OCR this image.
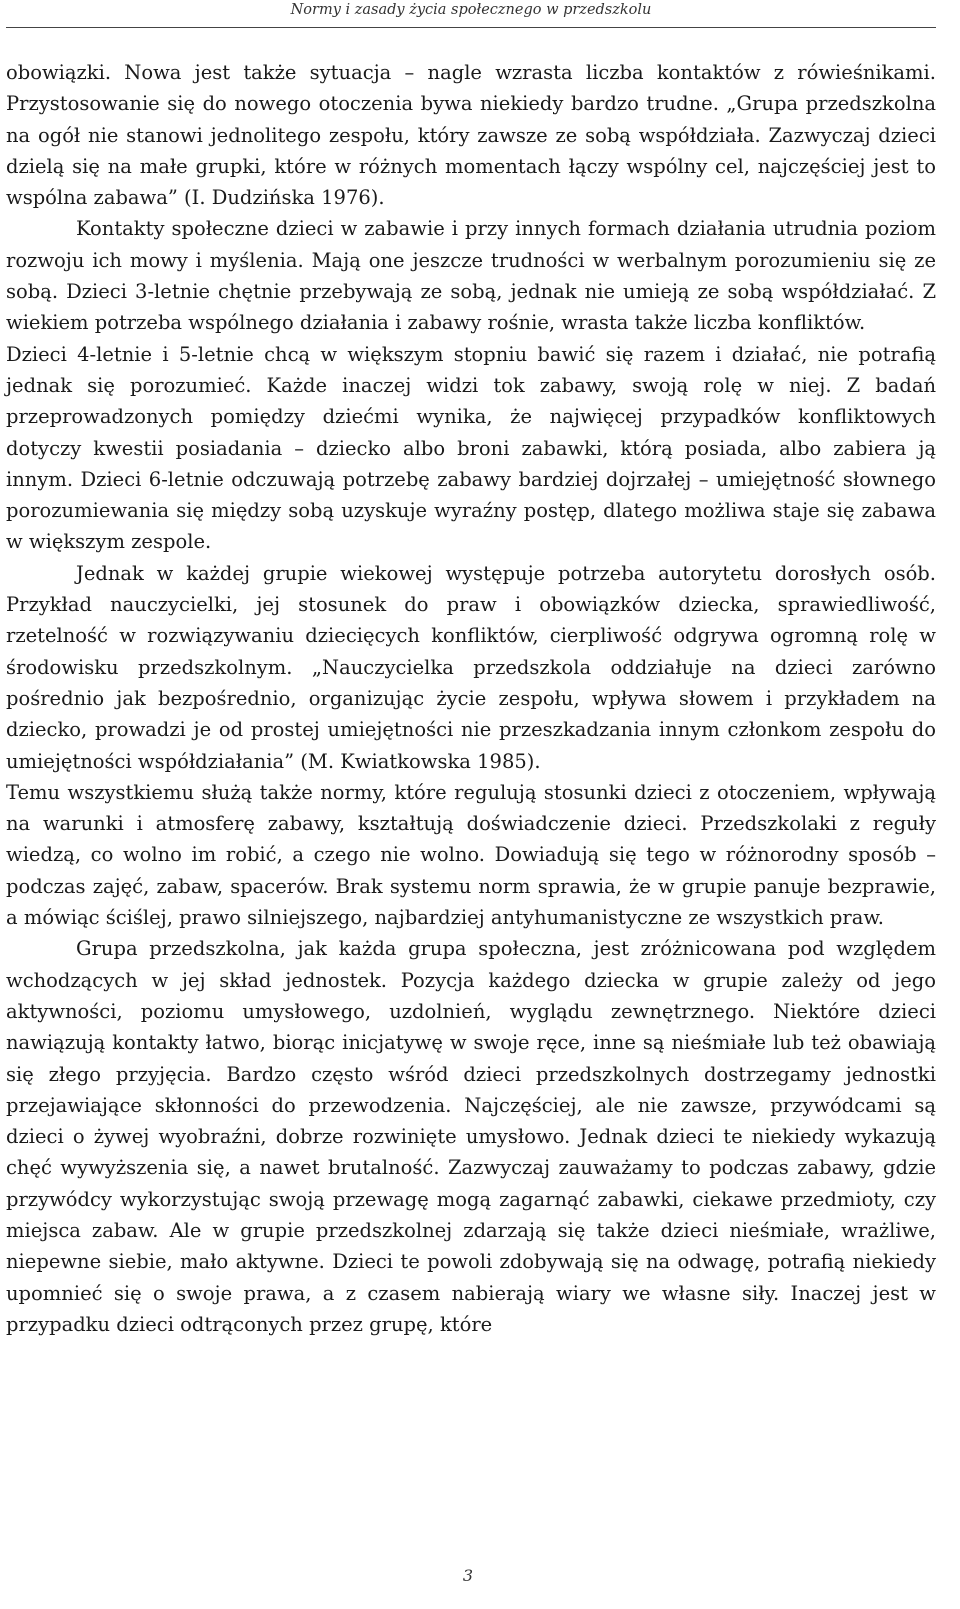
Normy i zasady życia społecznego w przedszkolu

obowiązki. Nowa jest także sytuacja – nagle wzrasta liczba kontaktów z rówieśnikami. Przystosowanie się do nowego otoczenia bywa niekiedy bardzo trudne. „Grupa przedszkolna na ogół nie stanowi jednolitego zespołu, który zawsze ze sobą współdziała. Zazwyczaj dzieci dzielą się na małe grupki, które w różnych momentach łączy wspólny cel, najczęściej jest to wspólna zabawa” (I. Dudzińska 1976).

Kontakty społeczne dzieci w zabawie i przy innych formach działania utrudnia poziom rozwoju ich mowy i myślenia. Mają one jeszcze trudności w werbalnym porozumieniu się ze sobą. Dzieci 3-letnie chętnie przebywają ze sobą, jednak nie umieją ze sobą współdziałać. Z wiekiem potrzeba wspólnego działania i zabawy rośnie, wrasta także liczba konfliktów.

Dzieci 4-letnie i 5-letnie chcą w większym stopniu bawić się razem i działać, nie potrafią jednak się porozumieć. Każde inaczej widzi tok zabawy, swoją rolę w niej. Z badań przeprowadzonych pomiędzy dziećmi wynika, że najwięcej przypadków konfliktowych dotyczy kwestii posiadania – dziecko albo broni zabawki, którą posiada, albo zabiera ją innym. Dzieci 6-letnie odczuwają potrzebę zabawy bardziej dojrzałej – umiejętność słownego porozumiewania się między sobą uzyskuje wyraźny postęp, dlatego możliwa staje się zabawa w większym zespole.

Jednak w każdej grupie wiekowej występuje potrzeba autorytetu dorosłych osób. Przykład nauczycielki, jej stosunek do praw i obowiązków dziecka, sprawiedliwość, rzetelność w rozwiązywaniu dziecięcych konfliktów, cierpliwość odgrywa ogromną rolę w środowisku przedszkolnym. „Nauczycielka przedszkola oddziałuje na dzieci zarówno pośrednio jak bezpośrednio, organizując życie zespołu, wpływa słowem i przykładem na dziecko, prowadzi je od prostej umiejętności nie przeszkadzania innym członkom zespołu do umiejętności współdziałania” (M. Kwiatkowska 1985).

Temu wszystkiemu służą także normy, które regulują stosunki dzieci z otoczeniem, wpływają na warunki i atmosferę zabawy, kształtują doświadczenie dzieci. Przedszkolaki z reguły wiedzą, co wolno im robić, a czego nie wolno. Dowiadują się tego w różnorodny sposób – podczas zajęć, zabaw, spacerów. Brak systemu norm sprawia, że w grupie panuje bezprawie, a mówiąc ściślej, prawo silniejszego, najbardziej antyhumanistyczne ze wszystkich praw.

Grupa przedszkolna, jak każda grupa społeczna, jest zróżnicowana pod względem wchodzących w jej skład jednostek. Pozycja każdego dziecka w grupie zależy od jego aktywności, poziomu umysłowego, uzdolnień, wyglądu zewnętrznego. Niektóre dzieci nawiązują kontakty łatwo, biorąc inicjatywę w swoje ręce, inne są nieśmiałe lub też obawiają się złego przyjęcia. Bardzo często wśród dzieci przedszkolnych dostrzegamy jednostki przejawiające skłonności do przewodzenia. Najczęściej, ale nie zawsze, przywódcami są dzieci o żywej wyobraźni, dobrze rozwinięte umysłowo. Jednak dzieci te niekiedy wykazują chęć wywyższenia się, a nawet brutalność. Zazwyczaj zauważamy to podczas zabawy, gdzie przywódcy wykorzystując swoją przewagę mogą zagarnąć zabawki, ciekawe przedmioty, czy miejsca zabaw. Ale w grupie przedszkolnej zdarzają się także dzieci nieśmiałe, wrażliwe, niepewne siebie, mało aktywne. Dzieci te powoli zdobywają się na odwagę, potrafią niekiedy upomnieć się o swoje prawa, a z czasem nabierają wiary we własne siły. Inaczej jest w przypadku dzieci odtrąconych przez grupę, które

3
